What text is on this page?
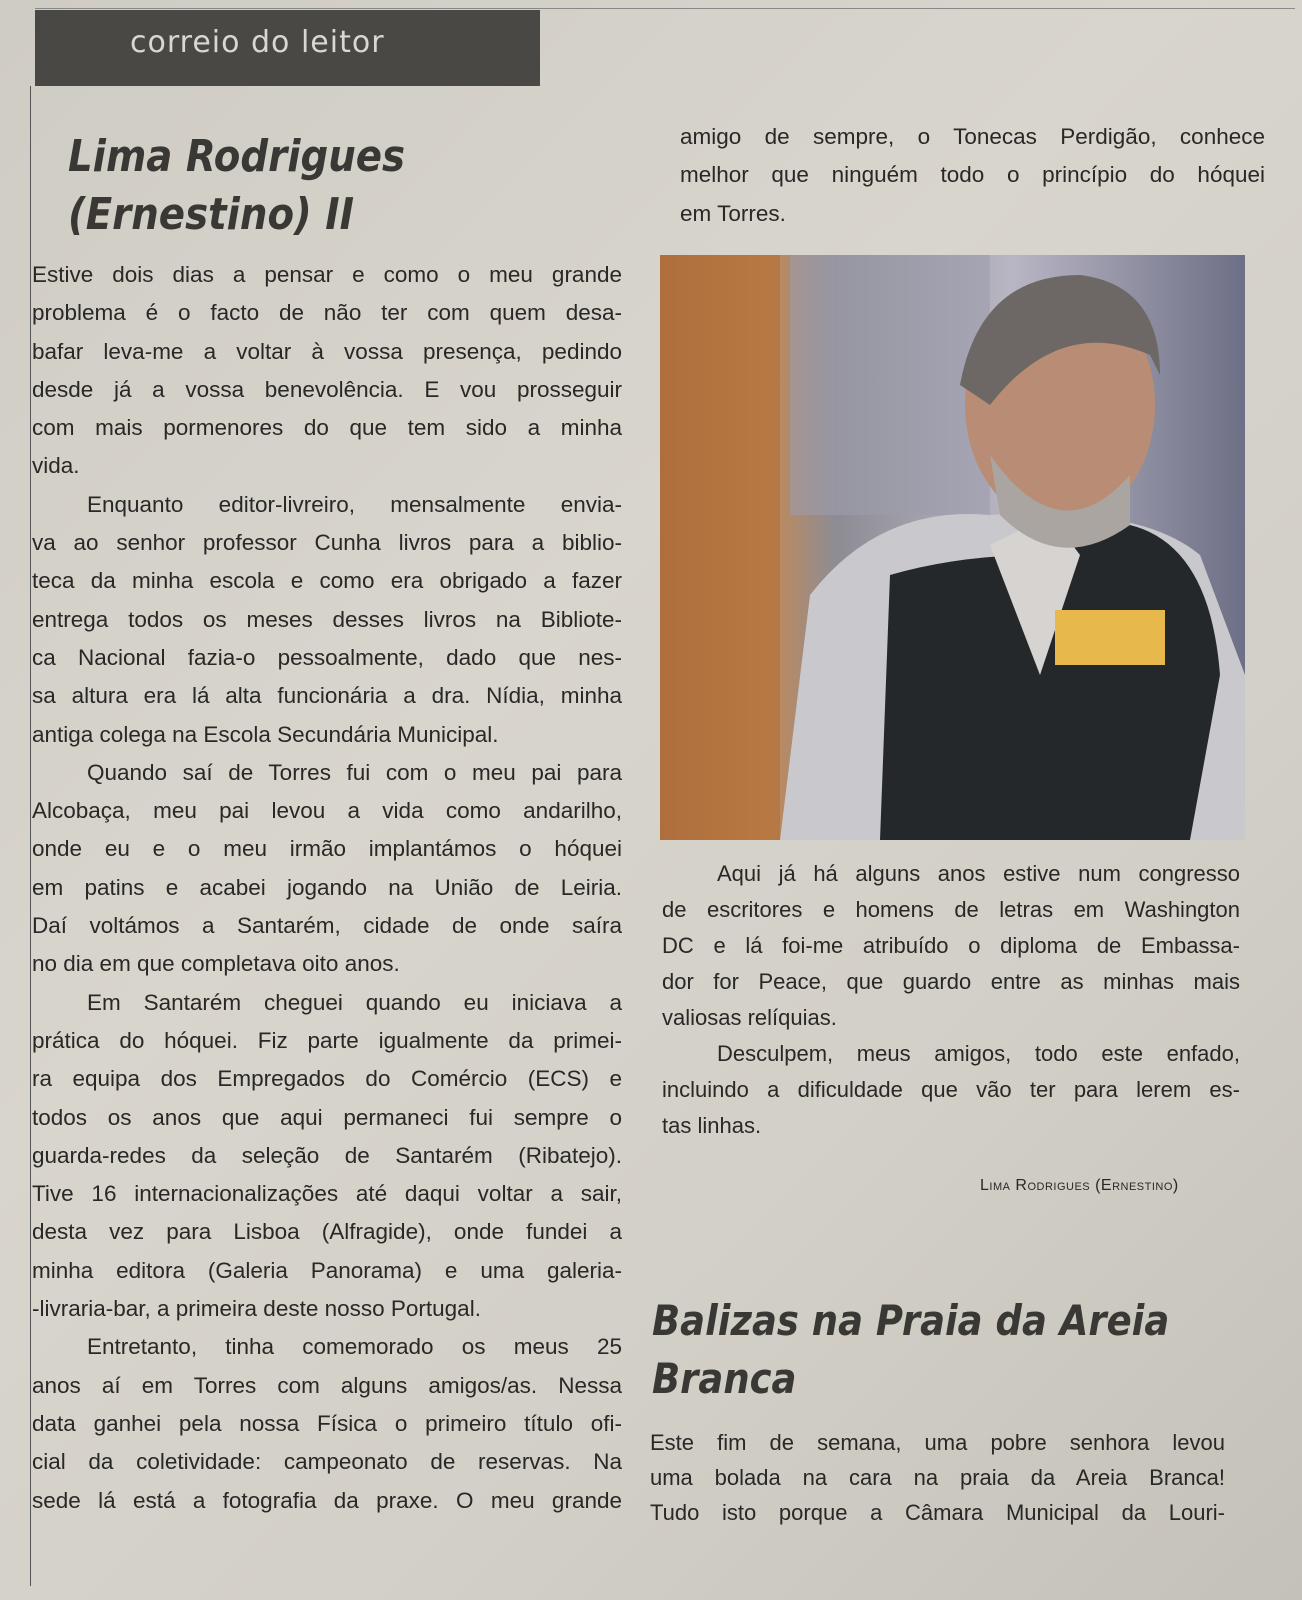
correio do leitor
Lima Rodrigues
(Ernestino) II
Estive dois dias a pensar e como o meu grande
problema é o facto de não ter com quem desa-
bafar leva-me a voltar à vossa presença, pedindo
desde já a vossa benevolência. E vou prosseguir
com mais pormenores do que tem sido a minha
vida.
Enquanto editor-livreiro, mensalmente envia-
va ao senhor professor Cunha livros para a biblio-
teca da minha escola e como era obrigado a fazer
entrega todos os meses desses livros na Bibliote-
ca Nacional fazia-o pessoalmente, dado que nes-
sa altura era lá alta funcionária a dra. Nídia, minha
antiga colega na Escola Secundária Municipal.
Quando saí de Torres fui com o meu pai para
Alcobaça, meu pai levou a vida como andarilho,
onde eu e o meu irmão implantámos o hóquei
em patins e acabei jogando na União de Leiria.
Daí voltámos a Santarém, cidade de onde saíra
no dia em que completava oito anos.
Em Santarém cheguei quando eu iniciava a
prática do hóquei. Fiz parte igualmente da primei-
ra equipa dos Empregados do Comércio (ECS) e
todos os anos que aqui permaneci fui sempre o
guarda-redes da seleção de Santarém (Ribatejo).
Tive 16 internacionalizações até daqui voltar a sair,
desta vez para Lisboa (Alfragide), onde fundei a
minha editora (Galeria Panorama) e uma galeria-
-livraria-bar, a primeira deste nosso Portugal.
Entretanto, tinha comemorado os meus 25
anos aí em Torres com alguns amigos/as. Nessa
data ganhei pela nossa Física o primeiro título ofi-
cial da coletividade: campeonato de reservas. Na
sede lá está a fotografia da praxe. O meu grande
amigo de sempre, o Tonecas Perdigão, conhece
melhor que ninguém todo o princípio do hóquei
em Torres.
Aqui já há alguns anos estive num congresso
de escritores e homens de letras em Washington
DC e lá foi-me atribuído o diploma de Embassa-
dor for Peace, que guardo entre as minhas mais
valiosas relíquias.
Desculpem, meus amigos, todo este enfado,
incluindo a dificuldade que vão ter para lerem es-
tas linhas.
Lima Rodrigues (Ernestino)
Balizas na Praia da Areia
Branca
Este fim de semana, uma pobre senhora levou
uma bolada na cara na praia da Areia Branca!
Tudo isto porque a Câmara Municipal da Louri-
